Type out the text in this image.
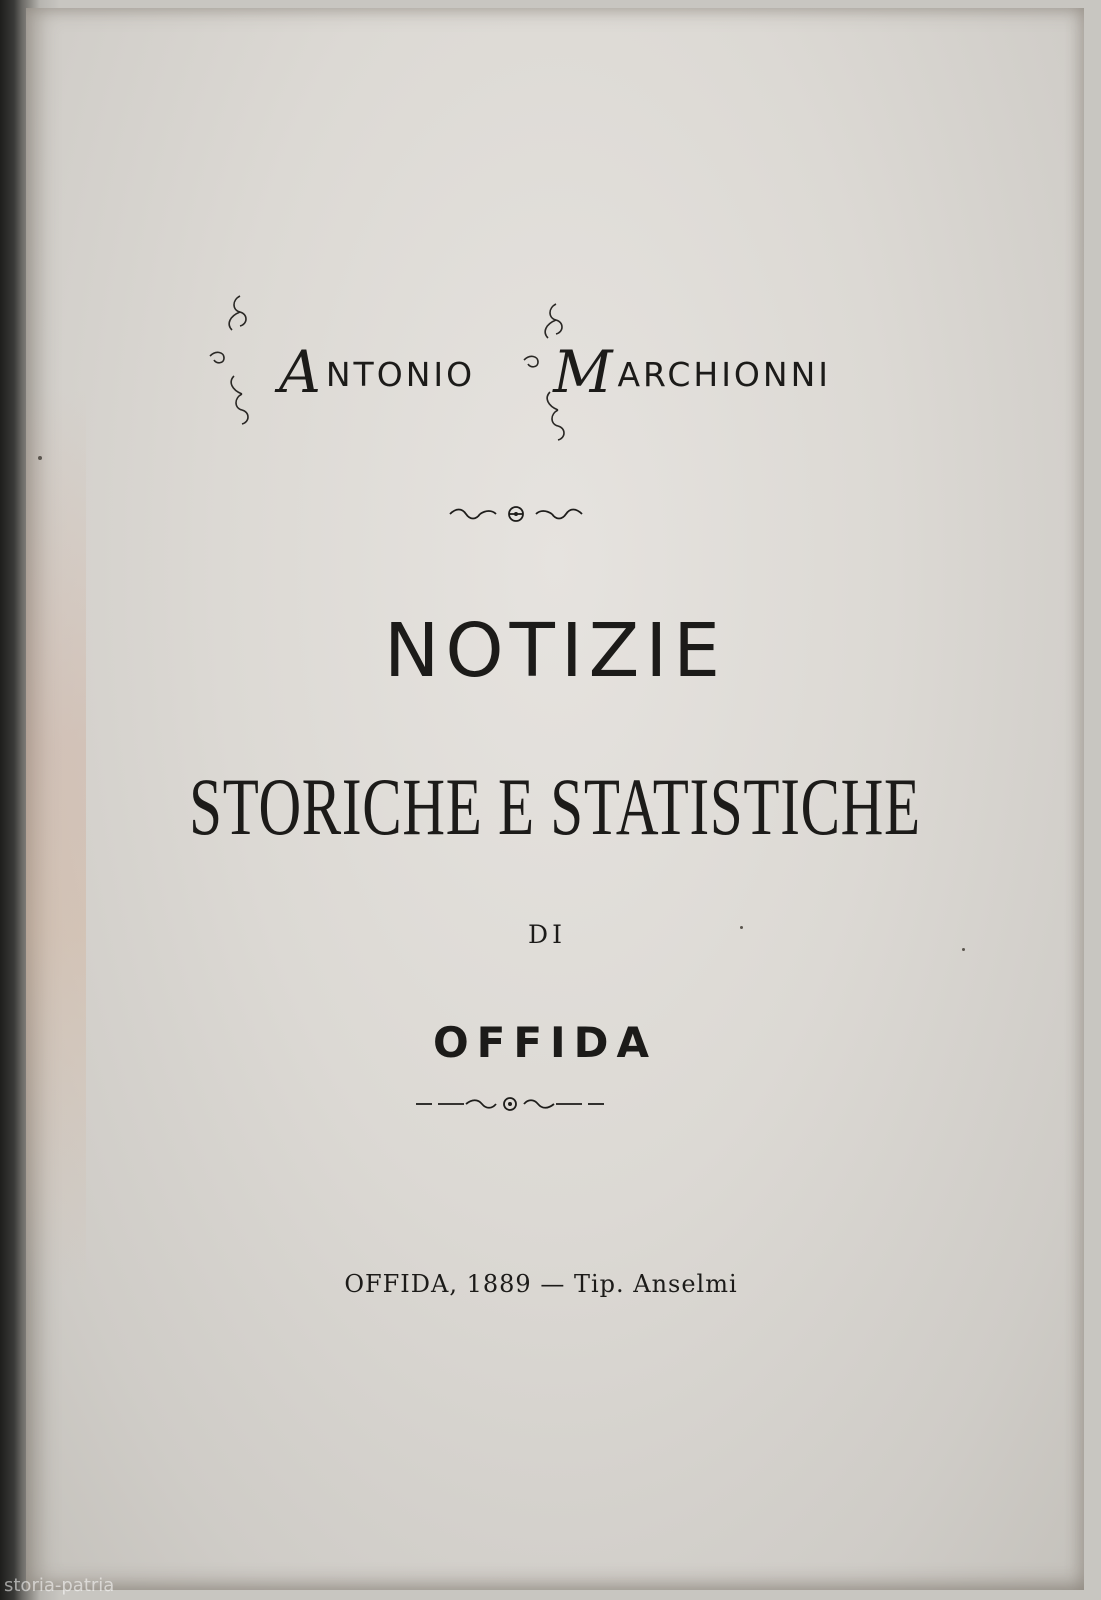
ANTONIO MARCHIONNI
NOTIZIE
STORICHE E STATISTICHE
DI
OFFIDA
OFFIDA, 1889 — Tip. Anselmi
storia-patria
